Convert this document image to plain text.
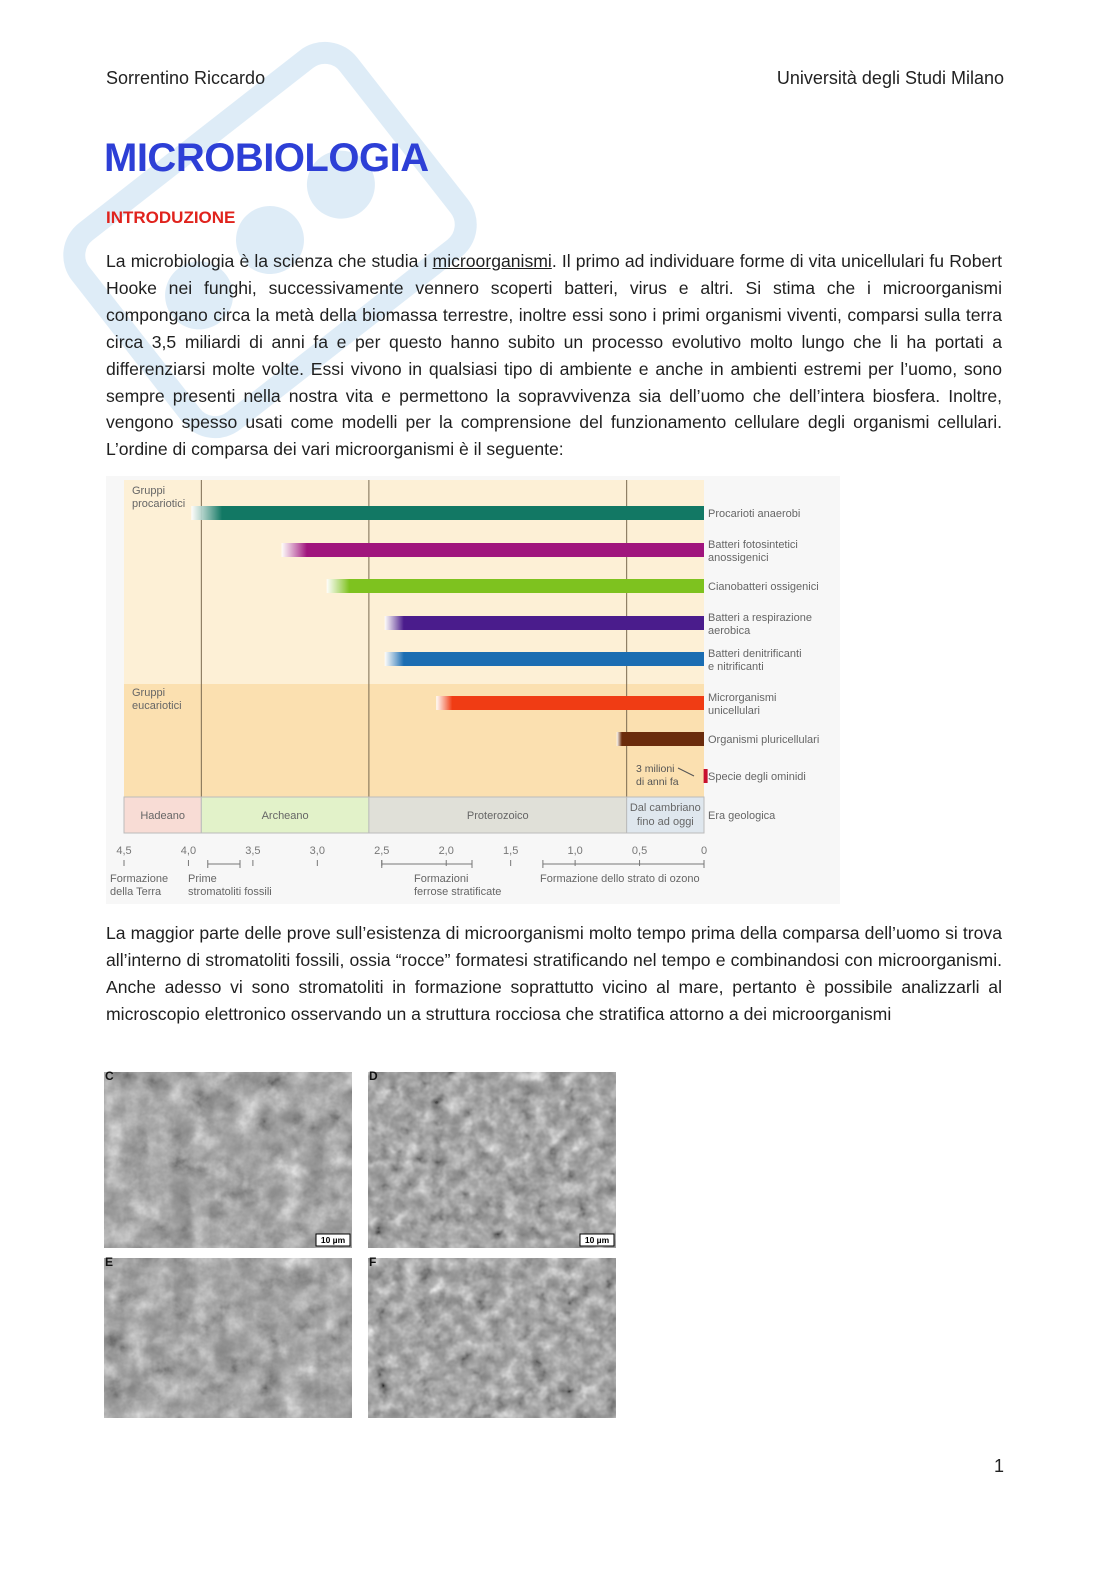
Sorrentino Riccardo	Università degli Studi Milano
MICROBIOLOGIA
INTRODUZIONE

La microbiologia è la scienza che studia i microorganismi. Il primo ad individuare forme di vita unicellulari fu Robert Hooke nei funghi, successivamente vennero scoperti batteri, virus e altri. Si stima che i microorganismi compongano circa la metà della biomassa terrestre, inoltre essi sono i primi organismi viventi, comparsi sulla terra circa 3,5 miliardi di anni fa e per questo hanno subito un processo evolutivo molto lungo che li ha portati a differenziarsi molte volte. Essi vivono in qualsiasi tipo di ambiente e anche in ambienti estremi per l’uomo, sono sempre presenti nella nostra vita e permettono la sopravvivenza sia dell’uomo che dell’intera biosfera. Inoltre, vengono spesso usati come modelli per la comprensione del funzionamento cellulare degli organismi cellulari. L’ordine di comparsa dei vari microorganismi è il seguente:

Procarioti anaerobi
Batteri fotosintetici anossigenici
Cianobatteri ossigenici
Batteri a respirazione aerobica
Batteri denitrificanti e nitrificanti
Microrganismi unicellulari
Organismi pluricellulari
Specie degli ominidi
Hadeano	Archeano	Proterozoico
Dal cambriano fino ad oggi	Era geologica
4,5	4,0	3,5	3,0	2,5	2,0	1,5	1,0	0,5	0
Gruppi procariotici
Gruppi eucariotici
3 milioni di anni fa
Formazione della Terra
Prime stromatoliti fossili
Formazioni ferrose stratificate
Formazione dello strato di ozono

La maggior parte delle prove sull’esistenza di microorganismi molto tempo prima della comparsa dell’uomo si trova all’interno di stromatoliti fossili, ossia “rocce” formatesi stratificando nel tempo e combinandosi con microorganismi. Anche adesso vi sono stromatoliti in formazione soprattutto vicino al mare, pertanto è possibile analizzarli al microscopio elettronico osservando un a struttura rocciosa che stratifica attorno a dei microorganismi

C
10 µm
D
10 µm
E	F
1
